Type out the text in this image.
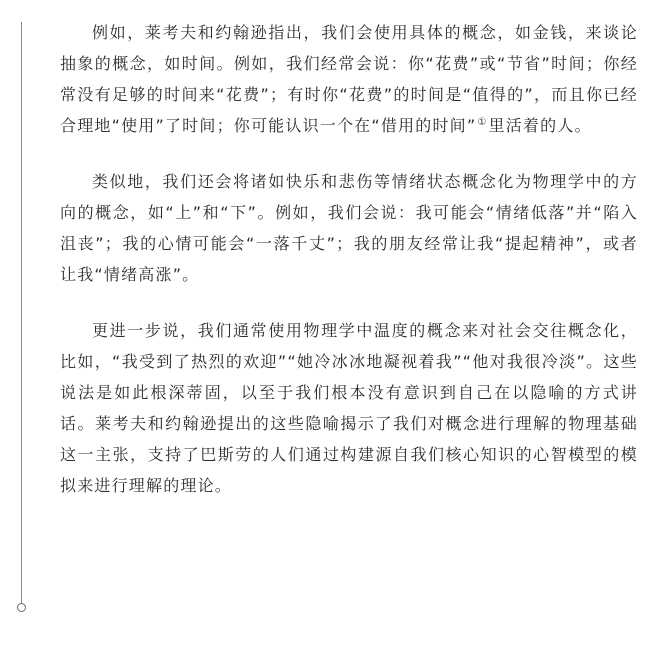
例如，莱考夫和约翰逊指出，我们会使用具体的概念，如金钱，来谈论抽象的概念，如时间。例如，我们经常会说：你“花费”或“节省”时间；你经常没有足够的时间来“花费”；有时你“花费”的时间是“值得的”，而且你已经合理地“使用”了时间；你可能认识一个在“借用的时间”①里活着的人。

类似地，我们还会将诸如快乐和悲伤等情绪状态概念化为物理学中的方向的概念，如“上”和“下”。例如，我们会说：我可能会“情绪低落”并“陷入沮丧”；我的心情可能会“一落千丈”；我的朋友经常让我“提起精神”，或者让我“情绪高涨”。

更进一步说，我们通常使用物理学中温度的概念来对社会交往概念化，比如，“我受到了热烈的欢迎”“她冷冰冰地凝视着我”“他对我很冷淡”。这些说法是如此根深蒂固，以至于我们根本没有意识到自己在以隐喻的方式讲话。莱考夫和约翰逊提出的这些隐喻揭示了我们对概念进行理解的物理基础这一主张，支持了巴斯劳的人们通过构建源自我们核心知识的心智模型的模拟来进行理解的理论。
